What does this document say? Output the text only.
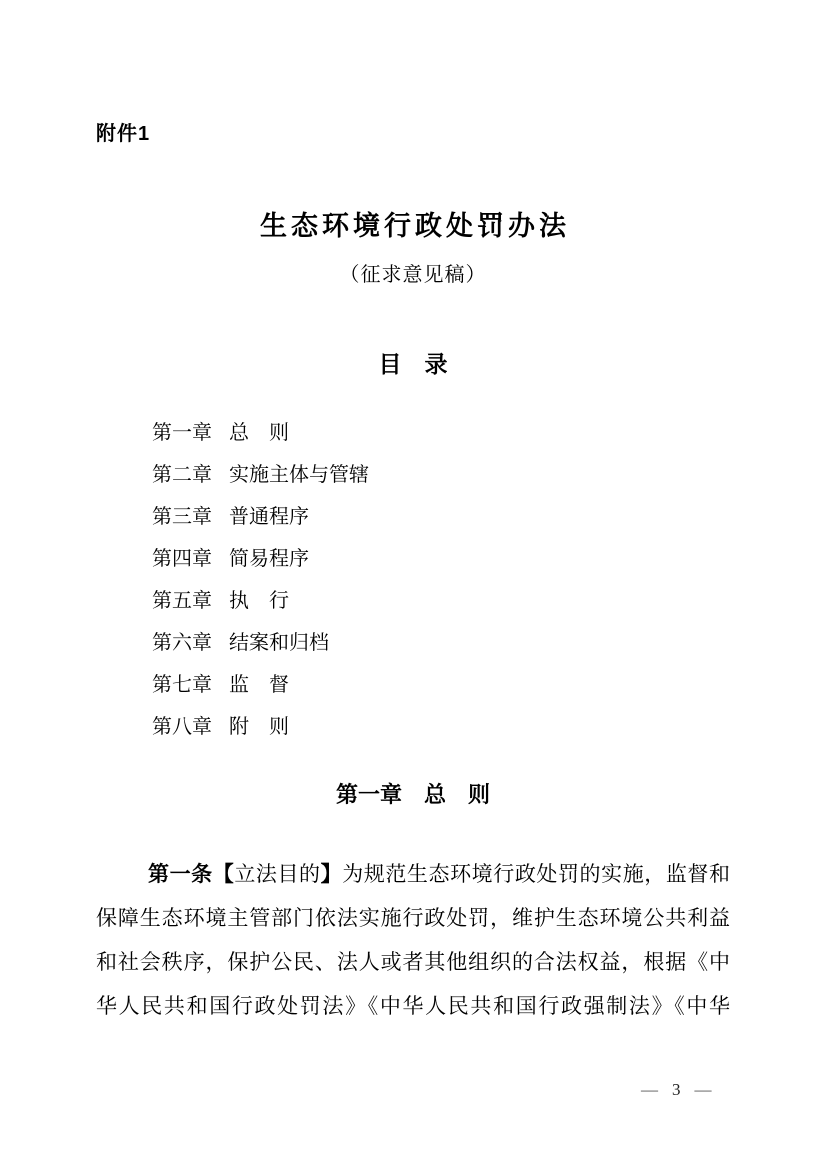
附件1
生态环境行政处罚办法
（征求意见稿）
目　录
第一章 总　则
第二章 实施主体与管辖
第三章 普通程序
第四章 简易程序
第五章 执　行
第六章 结案和归档
第七章 监　督
第八章 附　则
第一章　总　则
第一条【立法目的】为规范生态环境行政处罚的实施，监督和
保障生态环境主管部门依法实施行政处罚，维护生态环境公共利益
和社会秩序，保护公民、法人或者其他组织的合法权益，根据《中
华人民共和国行政处罚法》《中华人民共和国行政强制法》《中华
— 3 —
